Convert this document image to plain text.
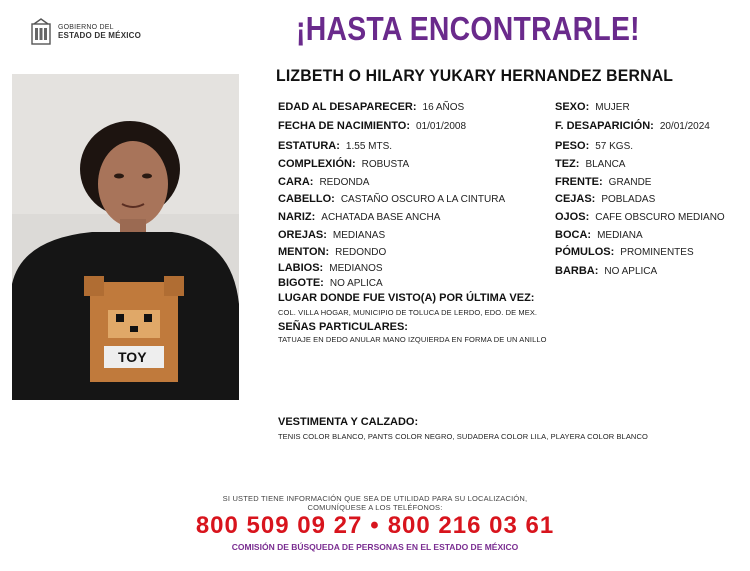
GOBIERNO DEL
ESTADO DE MÉXICO	¡HASTA ENCONTRARLE!
LIZBETH O HILARY YUKARY HERNANDEZ BERNAL
TOY
EDAD AL DESAPARECER: 16 AÑOS
FECHA DE NACIMIENTO: 01/01/2008
ESTATURA: 1.55 MTS.
COMPLEXIÓN: ROBUSTA
CARA: REDONDA
CABELLO: CASTAÑO OSCURO A LA CINTURA
NARIZ: ACHATADA BASE ANCHA
OREJAS: MEDIANAS
MENTON: REDONDO
LABIOS: MEDIANOS
BIGOTE: NO APLICA
SEXO: MUJER
F. DESAPARICIÓN: 20/01/2024
PESO: 57 KGS.
TEZ: BLANCA
FRENTE: GRANDE
CEJAS: POBLADAS
OJOS: CAFE OBSCURO MEDIANO
BOCA: MEDIANA
PÓMULOS: PROMINENTES
BARBA: NO APLICA
LUGAR DONDE FUE VISTO(A) POR ÚLTIMA VEZ:
COL. VILLA HOGAR, MUNICIPIO DE TOLUCA DE LERDO, EDO. DE MEX.
SEÑAS PARTICULARES:
TATUAJE EN DEDO ANULAR MANO IZQUIERDA EN FORMA DE UN ANILLO
VESTIMENTA Y CALZADO:
TENIS COLOR BLANCO, PANTS COLOR NEGRO, SUDADERA COLOR LILA, PLAYERA COLOR BLANCO
SI USTED TIENE INFORMACIÓN QUE SEA DE UTILIDAD PARA SU LOCALIZACIÓN,
COMUNÍQUESE A LOS TELÉFONOS:
800 509 09 27 • 800 216 03 61
COMISIÓN DE BÚSQUEDA DE PERSONAS EN EL ESTADO DE MÉXICO
